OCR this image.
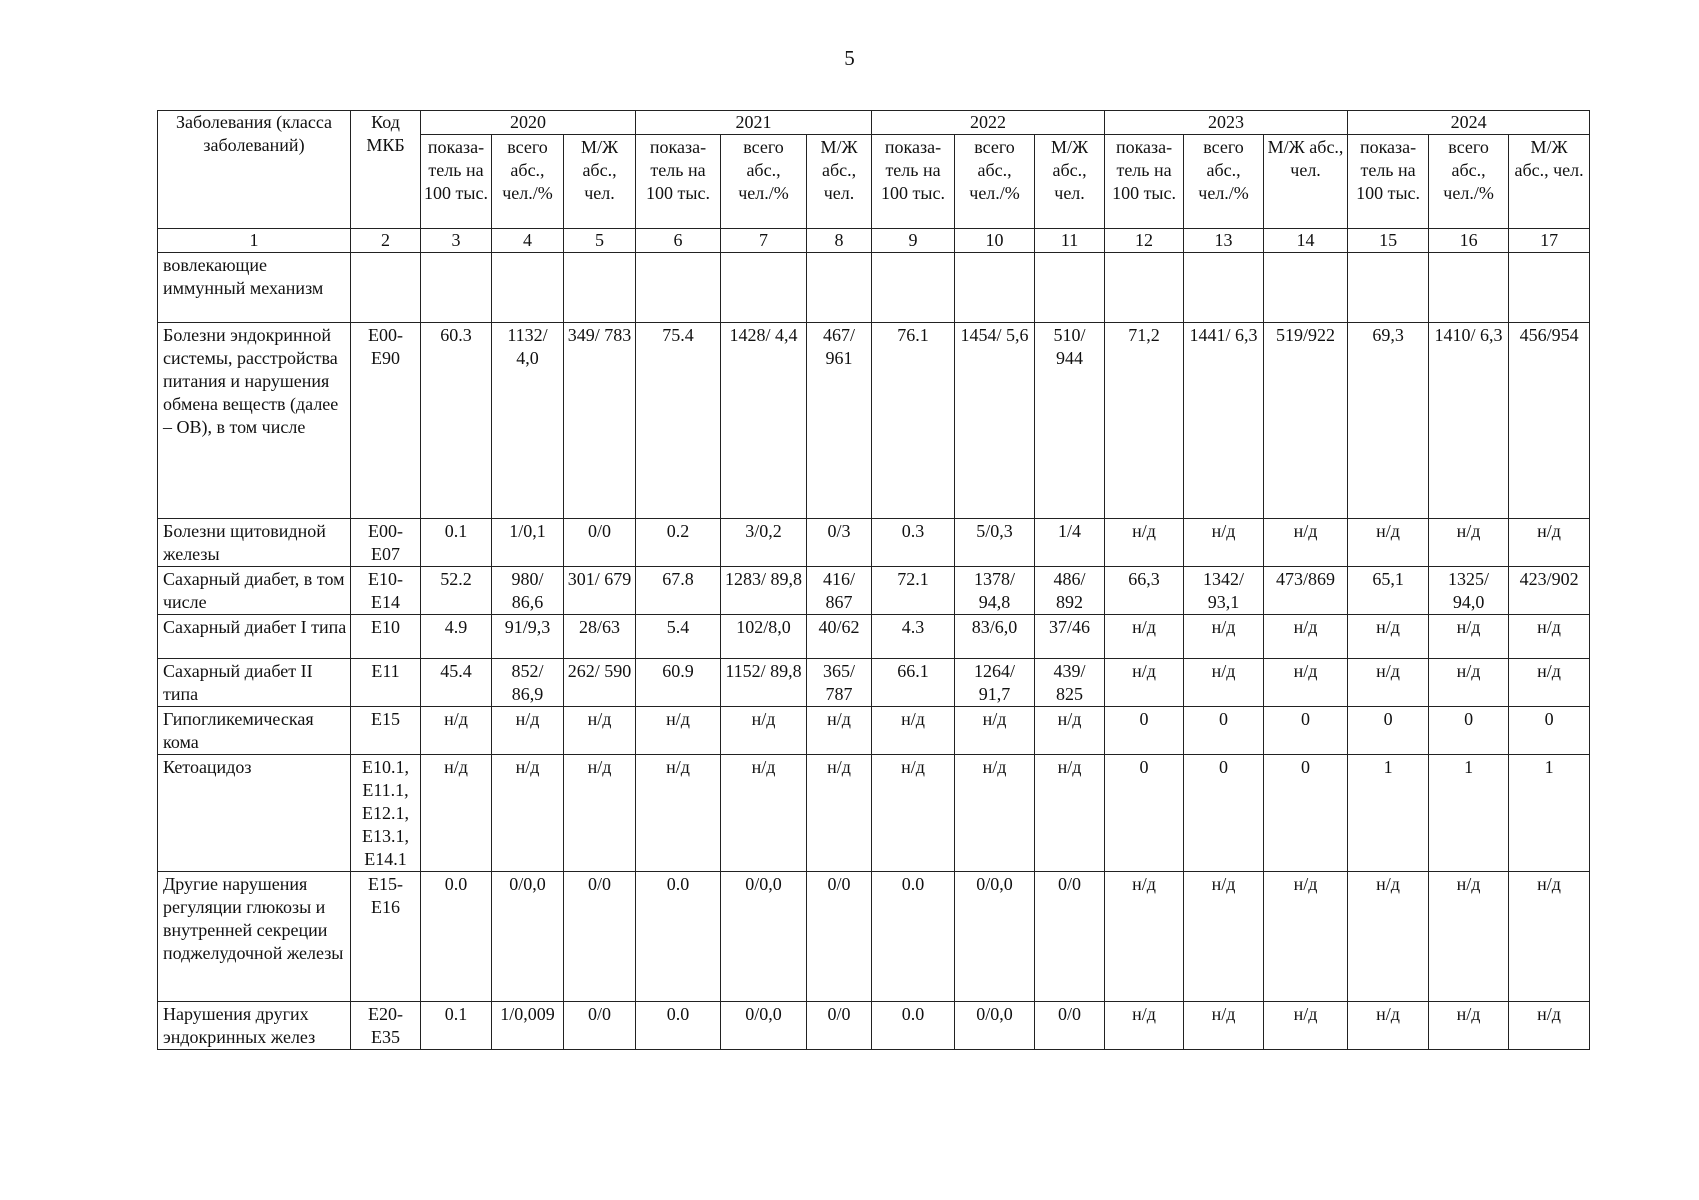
5
Заболевания (класса заболеваний)	Код МКБ	2020			2021			2022			2023			2024		
		показа-тель на 100 тыс.	всего абс., чел./%	М/Ж абс., чел.	показа-тель на 100 тыс.	всего абс., чел./%	М/Ж абс., чел.	показа-тель на 100 тыс.	всего абс., чел./%	М/Ж абс., чел.	показа-тель на 100 тыс.	всего абс., чел./%	М/Ж абс., чел.	показа-тель на 100 тыс.	всего абс., чел./%	М/Ж абс., чел.
1	2	3	4	5	6	7	8	9	10	11	12	13	14	15	16	17
вовлекающие иммунный механизм																
Болезни эндокринной системы, расстройства питания и нарушения обмена веществ (далее – ОВ), в том числе	E00-E90	60.3	1132/ 4,0	349/ 783	75.4	1428/ 4,4	467/ 961	76.1	1454/ 5,6	510/ 944	71,2	1441/ 6,3	519/922	69,3	1410/ 6,3	456/954
Болезни щитовидной железы	E00-E07	0.1	1/0,1	0/0	0.2	3/0,2	0/3	0.3	5/0,3	1/4	н/д	н/д	н/д	н/д	н/д	н/д
Сахарный диабет, в том числе	E10-E14	52.2	980/ 86,6	301/ 679	67.8	1283/ 89,8	416/ 867	72.1	1378/ 94,8	486/ 892	66,3	1342/ 93,1	473/869	65,1	1325/ 94,0	423/902
Сахарный диабет I типа	E10	4.9	91/9,3	28/63	5.4	102/8,0	40/62	4.3	83/6,0	37/46	н/д	н/д	н/д	н/д	н/д	н/д
Сахарный диабет II типа	E11	45.4	852/ 86,9	262/ 590	60.9	1152/ 89,8	365/ 787	66.1	1264/ 91,7	439/ 825	н/д	н/д	н/д	н/д	н/д	н/д
Гипогликемическая кома	E15	н/д	н/д	н/д	н/д	н/д	н/д	н/д	н/д	н/д	0	0	0	0	0	0
Кетоацидоз	E10.1, E11.1, E12.1, E13.1, E14.1	н/д	н/д	н/д	н/д	н/д	н/д	н/д	н/д	н/д	0	0	0	1	1	1
Другие нарушения регуляции глюкозы и внутренней секреции поджелудочной железы	E15-E16	0.0	0/0,0	0/0	0.0	0/0,0	0/0	0.0	0/0,0	0/0	н/д	н/д	н/д	н/д	н/д	н/д
Нарушения других эндокринных желез	E20-E35	0.1	1/0,009	0/0	0.0	0/0,0	0/0	0.0	0/0,0	0/0	н/д	н/д	н/д	н/д	н/д	н/д
